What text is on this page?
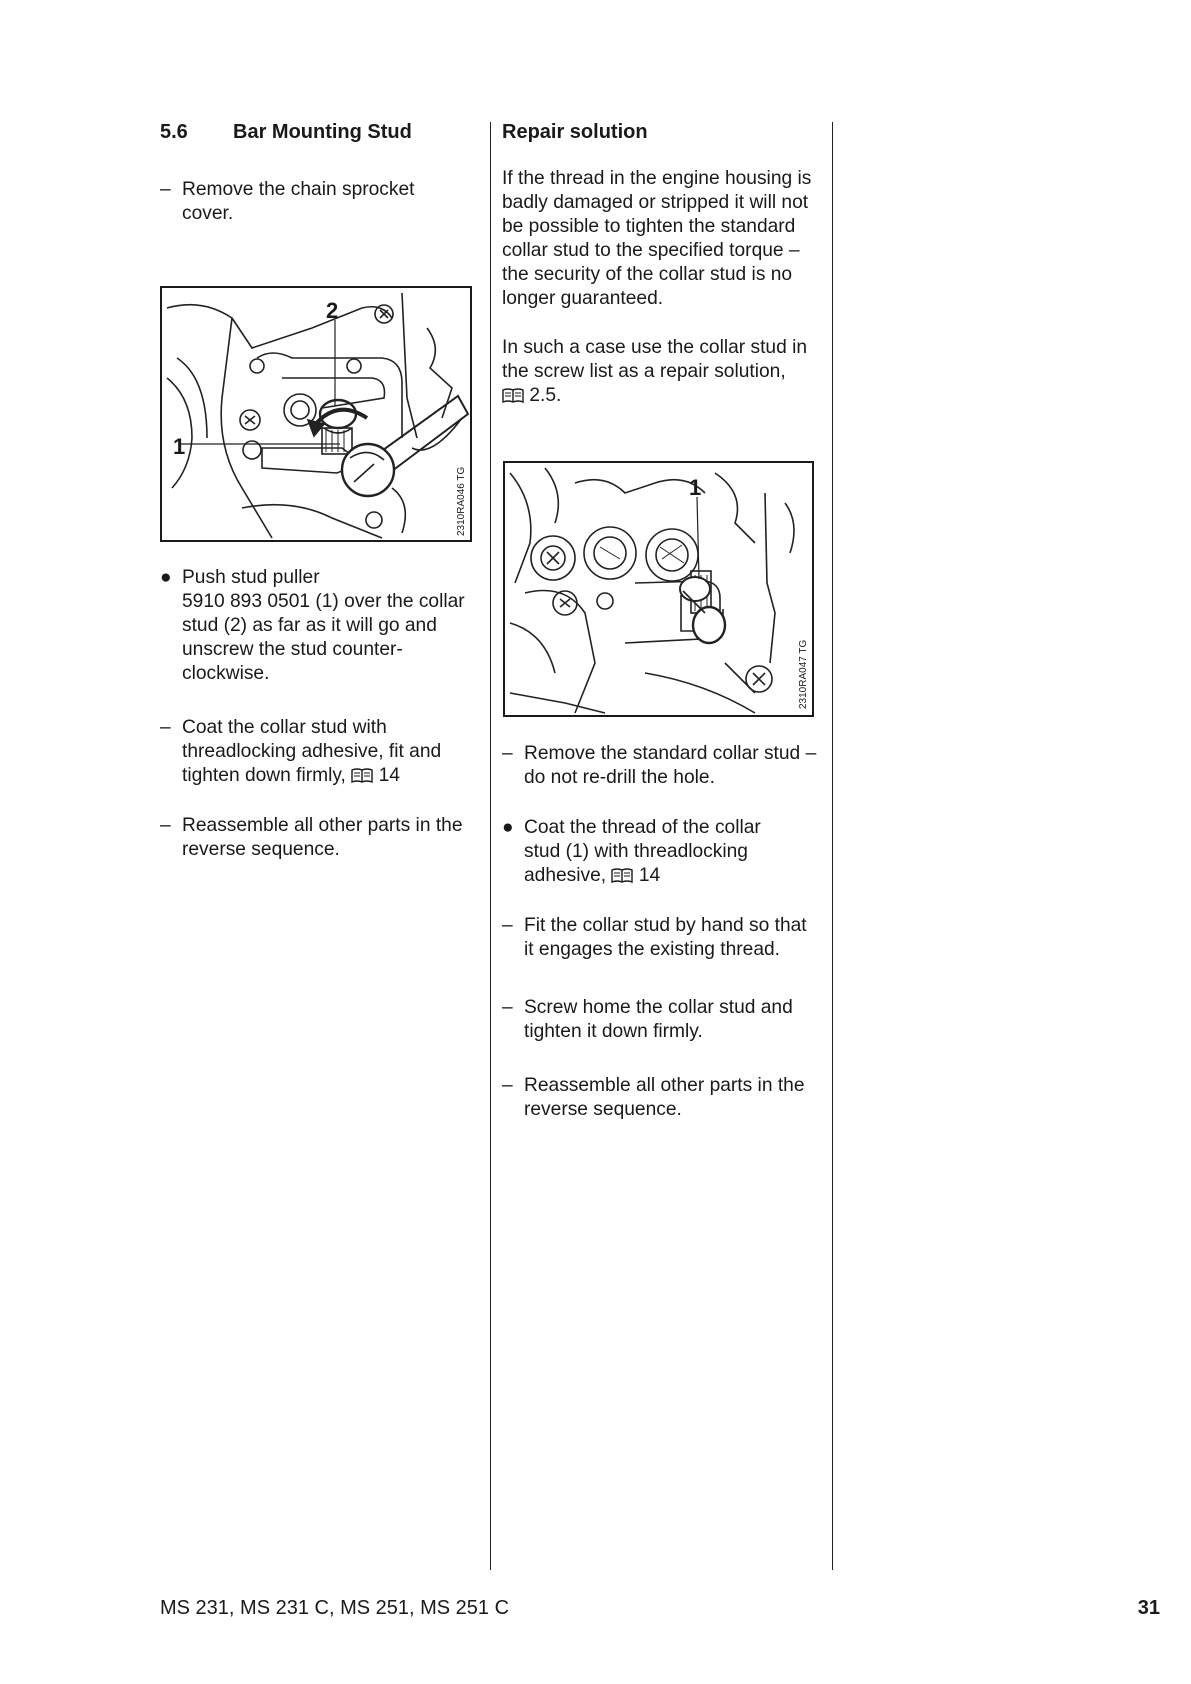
5.6 Bar Mounting Stud
– Remove the chain sprocket cover.
2
1
2310RA046 TG
● Push stud puller
5910 893 0501 (1) over the collar stud (2) as far as it will go and unscrew the stud counter-clockwise.
– Coat the collar stud with threadlocking adhesive, fit and tighten down firmly, 14
– Reassemble all other parts in the reverse sequence.
Repair solution
If the thread in the engine housing is badly damaged or stripped it will not be possible to tighten the standard collar stud to the specified torque – the security of the collar stud is no longer guaranteed.
In such a case use the collar stud in the screw list as a repair solution,  2.5.
1
2310RA047 TG
– Remove the standard collar stud – do not re-drill the hole.
● Coat the thread of the collar stud (1) with threadlocking adhesive, 14
– Fit the collar stud by hand so that it engages the existing thread.
– Screw home the collar stud and tighten it down firmly.
– Reassemble all other parts in the reverse sequence.
MS 231, MS 231 C, MS 251, MS 251 C	31
